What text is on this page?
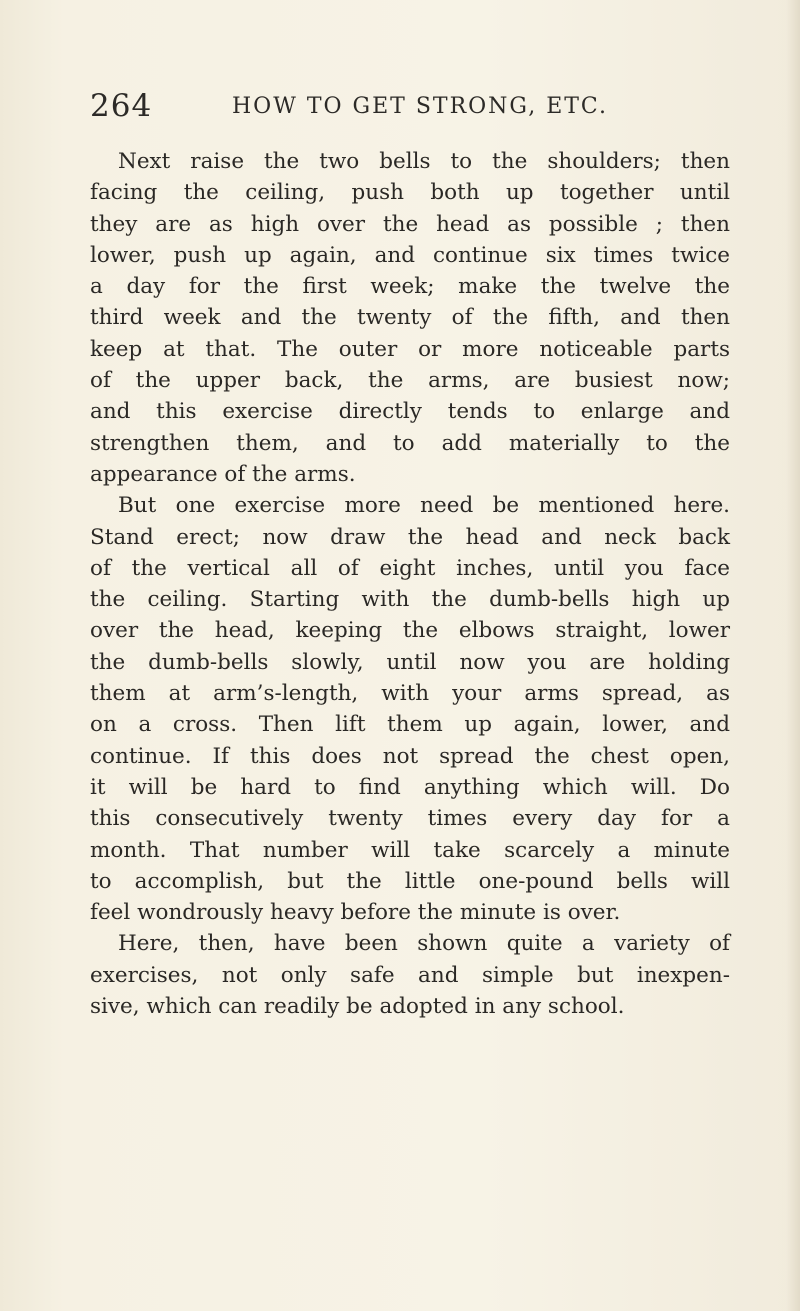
264	HOW TO GET STRONG, ETC.

Next raise the two bells to the shoulders; then
facing the ceiling, push both up together until
they are as high over the head as possible ; then
lower, push up again, and continue six times twice
a day for the first week; make the twelve the
third week and the twenty of the fifth, and then
keep at that. The outer or more noticeable parts
of the upper back, the arms, are busiest now;
and this exercise directly tends to enlarge and
strengthen them, and to add materially to the
appearance of the arms.

But one exercise more need be mentioned here.
Stand erect; now draw the head and neck back
of the vertical all of eight inches, until you face
the ceiling. Starting with the dumb-bells high up
over the head, keeping the elbows straight, lower
the dumb-bells slowly, until now you are holding
them at arm’s-length, with your arms spread, as
on a cross. Then lift them up again, lower, and
continue. If this does not spread the chest open,
it will be hard to find anything which will. Do
this consecutively twenty times every day for a
month. That number will take scarcely a minute
to accomplish, but the little one-pound bells will
feel wondrously heavy before the minute is over.

Here, then, have been shown quite a variety of
exercises, not only safe and simple but inexpen-
sive, which can readily be adopted in any school.
